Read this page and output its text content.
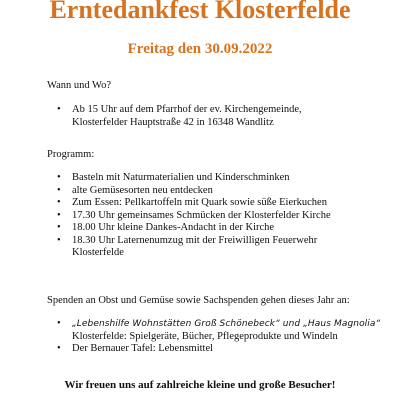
Erntedankfest Klosterfelde
Freitag den 30.09.2022
Wann und Wo?
• Ab 15 Uhr auf dem Pfarrhof der ev. Kirchengemeinde,
Klosterfelder Hauptstraße 42 in 16348 Wandlitz
Programm:
• Basteln mit Naturmaterialien und Kinderschminken
• alte Gemüsesorten neu entdecken
• Zum Essen: Pellkartoffeln mit Quark sowie süße Eierkuchen
• 17.30 Uhr gemeinsames Schmücken der Klosterfelder Kirche
• 18.00 Uhr kleine Dankes-Andacht in der Kirche
• 18.30 Uhr Laternenumzug mit der Freiwilligen Feuerwehr
Klosterfelde
Spenden an Obst und Gemüse sowie Sachspenden gehen dieses Jahr an:
• „Lebenshilfe Wohnstätten Groß Schönebeck“ und „Haus Magnolia“
Klosterfelde: Spielgeräte, Bücher, Pflegeprodukte und Windeln
• Der Bernauer Tafel: Lebensmittel
Wir freuen uns auf zahlreiche kleine und große Besucher!
